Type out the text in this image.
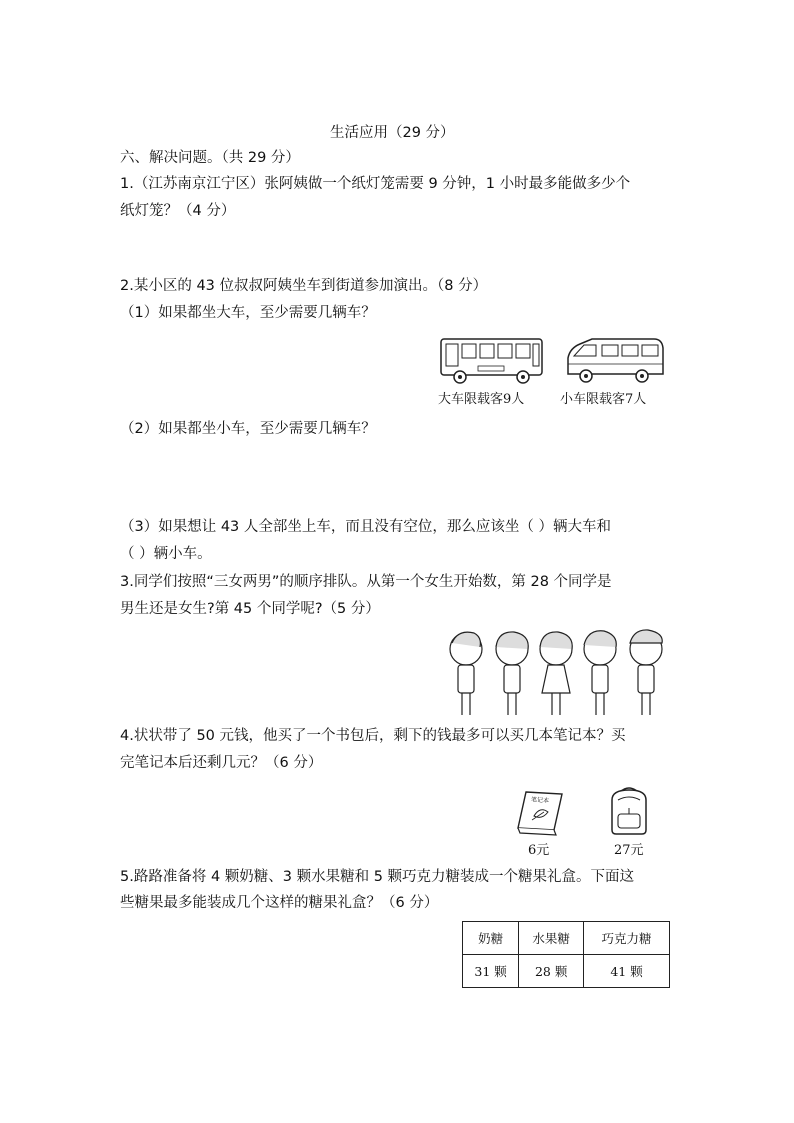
生活应用（29 分）
六、解决问题。（共 29 分）
1.（江苏南京江宁区）张阿姨做一个纸灯笼需要 9 分钟，1 小时最多能做多少个
纸灯笼？（4 分）
2.某小区的 43 位叔叔阿姨坐车到街道参加演出。（8 分）
（1）如果都坐大车，至少需要几辆车？
大车限载客9人	小车限载客7人
（2）如果都坐小车，至少需要几辆车？
（3）如果想让 43 人全部坐上车，而且没有空位，那么应该坐（ ）辆大车和
（ ）辆小车。
3.同学们按照“三女两男”的顺序排队。从第一个女生开始数，第 28 个同学是
男生还是女生?第 45 个同学呢?（5 分）
4.状状带了 50 元钱，他买了一个书包后，剩下的钱最多可以买几本笔记本？买
完笔记本后还剩几元？（6 分）
笔记本
6元	27元
5.路路准备将 4 颗奶糖、3 颗水果糖和 5 颗巧克力糖装成一个糖果礼盒。下面这
些糖果最多能装成几个这样的糖果礼盒？（6 分）
奶糖	水果糖	巧克力糖
31 颗	28 颗	41 颗
